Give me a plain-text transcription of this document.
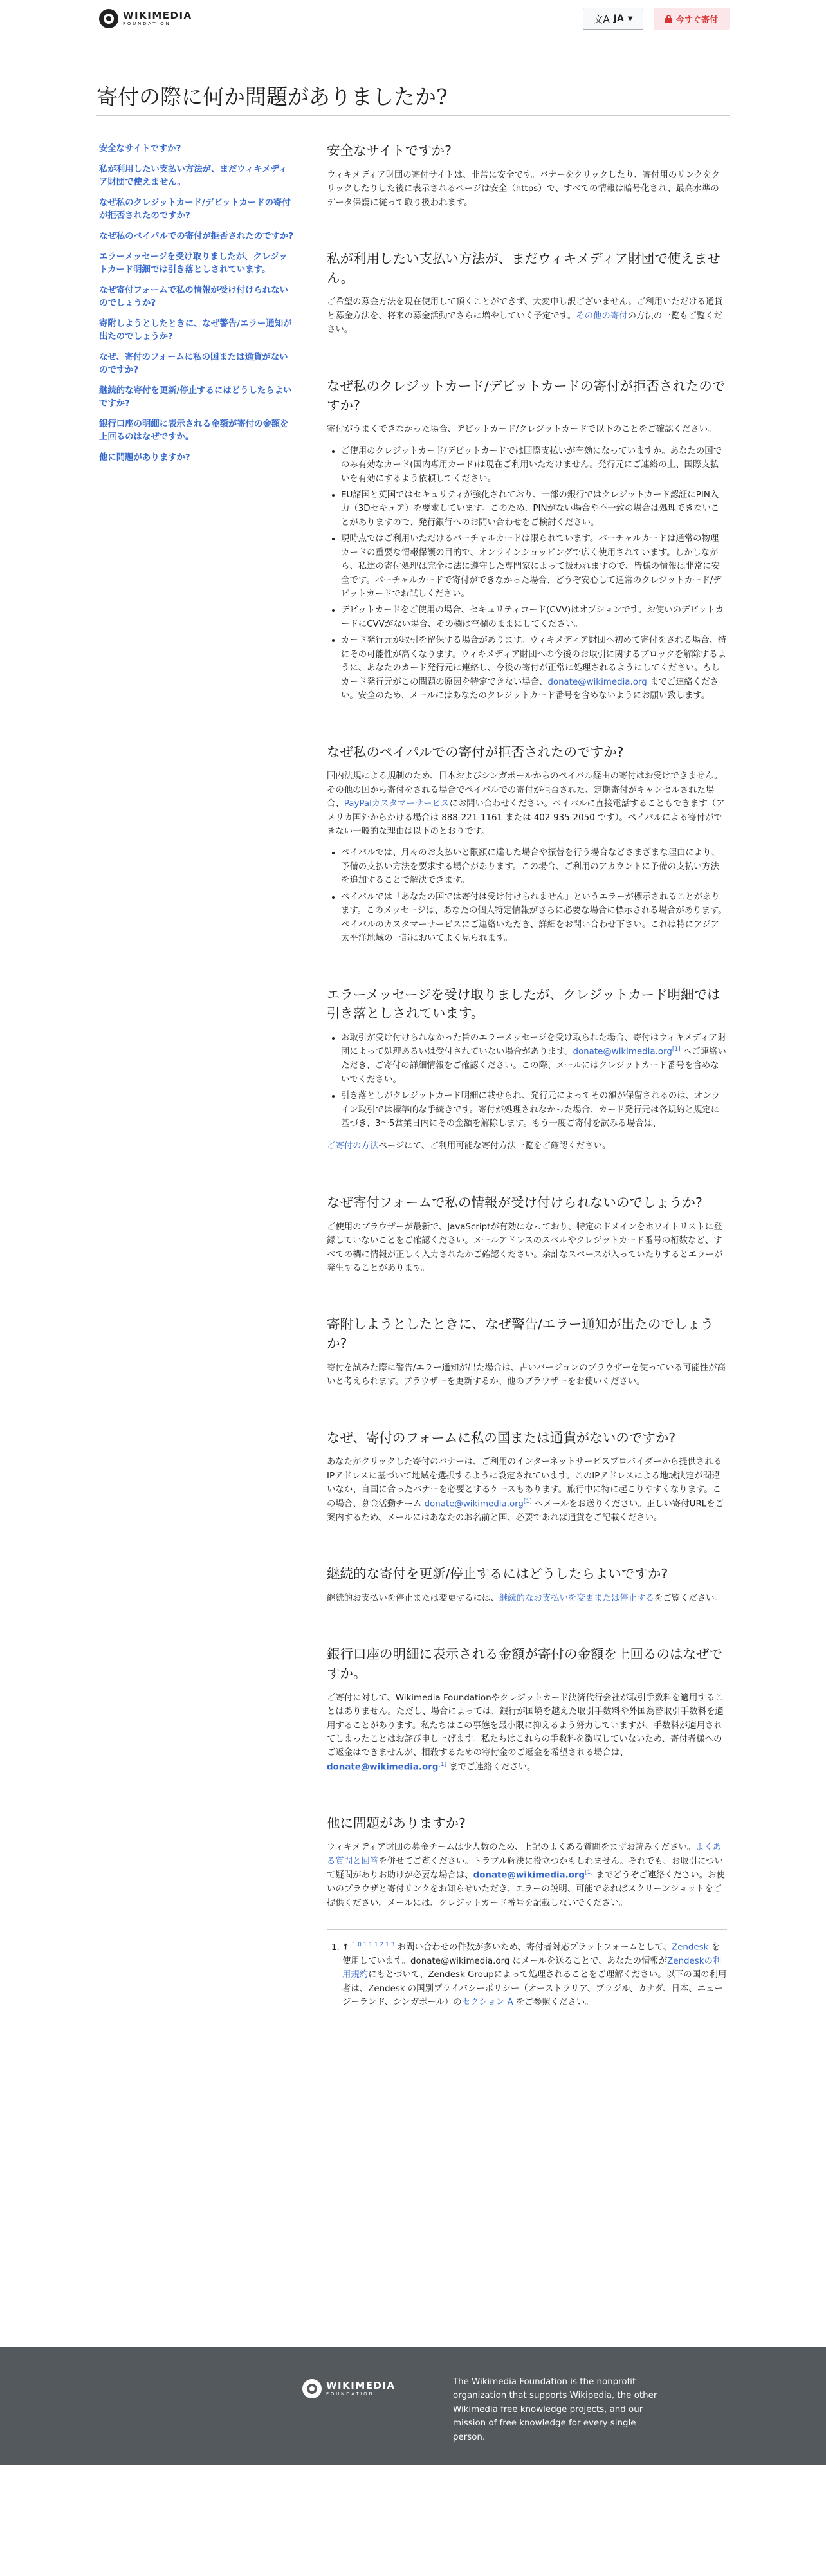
WIKIMEDIA
FOUNDATION	文A JA ▼	今すぐ寄付
寄付の際に何か問題がありましたか?
安全なサイトですか?
私が利用したい支払い方法が、まだウィキメディア財団で使えません。
なぜ私のクレジットカード/デビットカードの寄付が拒否されたのですか?
なぜ私のペイパルでの寄付が拒否されたのですか?
エラーメッセージを受け取りましたが、クレジットカード明細では引き落としされています。
なぜ寄付フォームで私の情報が受け付けられないのでしょうか?
寄附しようとしたときに、なぜ警告/エラー通知が出たのでしょうか?
なぜ、寄付のフォームに私の国または通貨がないのですか?
継続的な寄付を更新/停止するにはどうしたらよいですか?
銀行口座の明細に表示される金額が寄付の金額を上回るのはなぜですか。
他に問題がありますか?
安全なサイトですか?

ウィキメディア財団の寄付サイトは、非常に安全です。バナーをクリックしたり、寄付用のリンクをクリックしたりした後に表示されるページは安全（https）で、すべての情報は暗号化され、最高水準のデータ保護に従って取り扱われます。

私が利用したい支払い方法が、まだウィキメディア財団で使えません。

ご希望の募金方法を現在使用して頂くことができず、大変申し訳ございません。ご利用いただける通貨と募金方法を、将来の募金活動でさらに増やしていく予定です。その他の寄付の方法の一覧もご覧ください。

なぜ私のクレジットカード/デビットカードの寄付が拒否されたのですか?

寄付がうまくできなかった場合、デビットカード/クレジットカードで以下のことをご確認ください。

• ご使用のクレジットカード/デビットカードでは国際支払いが有効になっていますか。あなたの国でのみ有効なカード(国内専用カード)は現在ご利用いただけません。発行元にご連絡の上、国際支払いを有効にするよう依頼してください。
• EU諸国と英国ではセキュリティが強化されており、一部の銀行ではクレジットカード認証にPIN入力（3Dセキュア）を要求しています。このため、PINがない場合や不一致の場合は処理できないことがありますので、発行銀行へのお問い合わせをご検討ください。
• 現時点ではご利用いただけるバーチャルカードは限られています。バーチャルカードは通常の物理カードの重要な情報保護の目的で、オンラインショッピングで広く使用されています。しかしながら、私達の寄付処理は完全に法に遵守した専門家によって扱われますので、皆様の情報は非常に安全です。バーチャルカードで寄付ができなかった場合、どうぞ安心して通常のクレジットカード/デビットカードでお試しください。
• デビットカードをご使用の場合、セキュリティコード(CVV)はオプションです。お使いのデビットカードにCVVがない場合、その欄は空欄のままにしてください。
• カード発行元が取引を留保する場合があります。ウィキメディア財団へ初めて寄付をされる場合、特にその可能性が高くなります。ウィキメディア財団への今後のお取引に関するブロックを解除するように、あなたのカード発行元に連絡し、今後の寄付が正常に処理されるようにしてください。もしカード発行元がこの問題の原因を特定できない場合、donate@wikimedia.org までご連絡ください。安全のため、メールにはあなたのクレジットカード番号を含めないようにお願い致します。
なぜ私のペイパルでの寄付が拒否されたのですか?

国内法規による規制のため、日本およびシンガポールからのペイパル経由の寄付はお受けできません。その他の国から寄付をされる場合でペイパルでの寄付が拒否された、定期寄付がキャンセルされた場合、PayPalカスタマーサービスにお問い合わせください。ペイパルに直接電話することもできます（アメリカ国外からかける場合は 888-221-1161 または 402-935-2050 です）。ペイパルによる寄付ができない一般的な理由は以下のとおりです。

• ペイパルでは、月々のお支払いと限額に達した場合や振替を行う場合などさまざまな理由により、予備の支払い方法を要求する場合があります。この場合、ご利用のアカウントに予備の支払い方法を追加することで解決できます。
• ペイパルでは「あなたの国では寄付は受け付けられません」というエラーが標示されることがあります。このメッセージは、あなたの個人特定情報がさらに必要な場合に標示される場合があります。ペイパルのカスタマーサービスにご連絡いただき、詳細をお問い合わせ下さい。これは特にアジア太平洋地域の一部においてよく見られます。
エラーメッセージを受け取りましたが、クレジットカード明細では引き落としされています。
• お取引が受け付けられなかった旨のエラーメッセージを受け取られた場合、寄付はウィキメディア財団によって処理あるいは受付されていない場合があります。donate@wikimedia.org[1] へご連絡いただき、ご寄付の詳細情報をご確認ください。この際、メールにはクレジットカード番号を含めないでください。
• 引き落としがクレジットカード明細に載せられ、発行元によってその額が保留されるのは、オンライン取引では標準的な手続きです。寄付が処理されなかった場合、カード発行元は各規約と規定に基づき、3〜5営業日内にその金額を解除します。もう一度ご寄付を試みる場合は、

ご寄付の方法ページにて、ご利用可能な寄付方法一覧をご確認ください。

なぜ寄付フォームで私の情報が受け付けられないのでしょうか?

ご使用のブラウザーが最新で、JavaScriptが有効になっており、特定のドメインをホワイトリストに登録していないことをご確認ください。メールアドレスのスペルやクレジットカード番号の桁数など、すべての欄に情報が正しく入力されたかご確認ください。余計なスペースが入っていたりするとエラーが発生することがあります。

寄附しようとしたときに、なぜ警告/エラー通知が出たのでしょうか?

寄付を試みた際に警告/エラー通知が出た場合は、古いバージョンのブラウザーを使っている可能性が高いと考えられます。ブラウザーを更新するか、他のブラウザーをお使いください。

なぜ、寄付のフォームに私の国または通貨がないのですか?

あなたがクリックした寄付のバナーは、ご利用のインターネットサービスプロバイダーから提供されるIPアドレスに基づいて地域を選択するように設定されています。このIPアドレスによる地域決定が間違いなか、自国に合ったバナーを必要とするケースもあります。旅行中に特に起こりやすくなります。この場合、募金活動チーム donate@wikimedia.org[1] へメールをお送りください。正しい寄付URLをご案内するため、メールにはあなたのお名前と国、必要であれば通貨をご記載ください。

継続的な寄付を更新/停止するにはどうしたらよいですか?

継続的お支払いを停止または変更するには、継続的なお支払いを変更または停止するをご覧ください。

銀行口座の明細に表示される金額が寄付の金額を上回るのはなぜですか。

ご寄付に対して、Wikimedia Foundationやクレジットカード決済代行会社が取引手数料を適用することはありません。ただし、場合によっては、銀行が国境を越えた取引手数料や外国為替取引手数料を適用することがあります。私たちはこの事態を最小限に抑えるよう努力していますが、手数料が適用されてしまったことはお詫び申し上げます。私たちはこれらの手数料を徴収していないため、寄付者様へのご返金はできませんが、相殺するための寄付金のご返金を希望される場合は、donate@wikimedia.org[1] までご連絡ください。

他に問題がありますか?

ウィキメディア財団の募金チームは少人数のため、上記のよくある質問をまずお読みください。よくある質問と回答を併せてご覧ください。トラブル解決に役立つかもしれません。それでも、お取引について疑問がありお助けが必要な場合は、donate@wikimedia.org[1] までどうぞご連絡ください。お使いのブラウザと寄付リンクをお知らせいただき、エラーの説明、可能であればスクリーンショットをご提供ください。メールには、クレジットカード番号を記載しないでください。

1. ↑ $^{1.0 1.1 1.2 1.3}$ お問い合わせの件数が多いため、寄付者対応プラットフォームとして、Zendesk を使用しています。donate@wikimedia.org にメールを送ることで、あなたの情報がZendeskの利用規約にもとづいて、Zendesk Groupによって処理されることをご理解ください。以下の国の利用者は、Zendesk の国別プライバシーポリシー（オーストラリア、ブラジル、カナダ、日本、ニュージーランド、シンガポール）のセクション A をご参照ください。
WIKIMEDIA
FOUNDATION
The Wikimedia Foundation is the nonprofit organization that supports Wikipedia, the other Wikimedia free knowledge projects, and our mission of free knowledge for every single person.
